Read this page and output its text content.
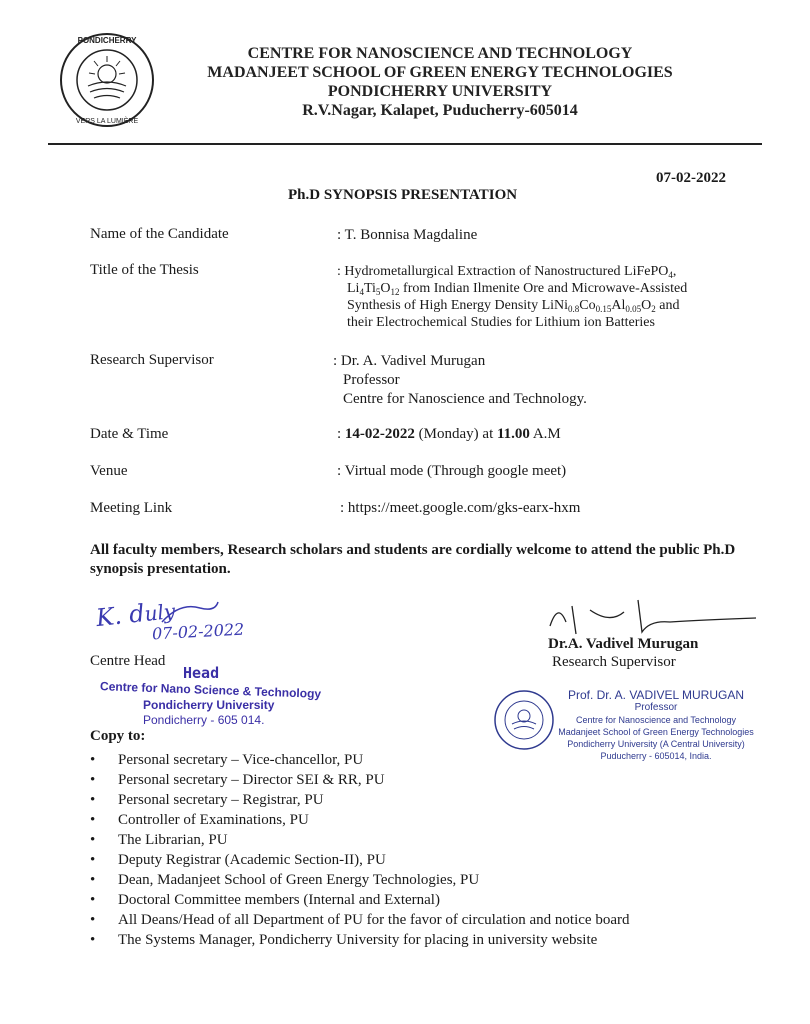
PONDICHERRY
VERS LA LUMIÈRE
CENTRE FOR NANOSCIENCE AND TECHNOLOGY
MADANJEET SCHOOL OF GREEN ENERGY TECHNOLOGIES
PONDICHERRY UNIVERSITY
R.V.Nagar, Kalapet, Puducherry-605014
07-02-2022
Ph.D SYNOPSIS PRESENTATION
Name of the Candidate	: T. Bonnisa Magdaline
Title of the Thesis	: Hydrometallurgical Extraction of Nanostructured LiFePO$_4$,
$Li_4Ti_5O_{12}$ from Indian Ilmenite Ore and Microwave-Assisted
Synthesis of High Energy Density $LiNi_{0.8}Co_{0.15}Al_{0.05}O_2$ and
their Electrochemical Studies for Lithium ion Batteries
Research Supervisor	: Dr. A. Vadivel Murugan
Professor
Centre for Nanoscience and Technology.
Date & Time	: 14-02-2022 (Monday) at 11.00 A.M
Venue	: Virtual mode (Through google meet)
Meeting Link	: https://meet.google.com/gks-earx-hxm
All faculty members, Research scholars and students are cordially welcome to attend the public Ph.D synopsis presentation.
K. duly
07-02-2022
Centre Head
Head
Centre for Nano Science & Technology
Pondicherry University
Pondicherry - 605 014.
Dr.A. Vadivel Murugan
Research Supervisor
Prof. Dr. A. VADIVEL MURUGAN
Professor
Centre for Nanoscience and Technology
Madanjeet School of Green Energy Technologies
Pondicherry University (A Central University)
Puducherry - 605014, India.
Copy to:
• Personal secretary – Vice-chancellor, PU
• Personal secretary – Director SEI & RR, PU
• Personal secretary – Registrar, PU
• Controller of Examinations, PU
• The Librarian, PU
• Deputy Registrar (Academic Section-II), PU
• Dean, Madanjeet School of Green Energy Technologies, PU
• Doctoral Committee members (Internal and External)
• All Deans/Head of all Department of PU for the favor of circulation and notice board
• The Systems Manager, Pondicherry University for placing in university website
